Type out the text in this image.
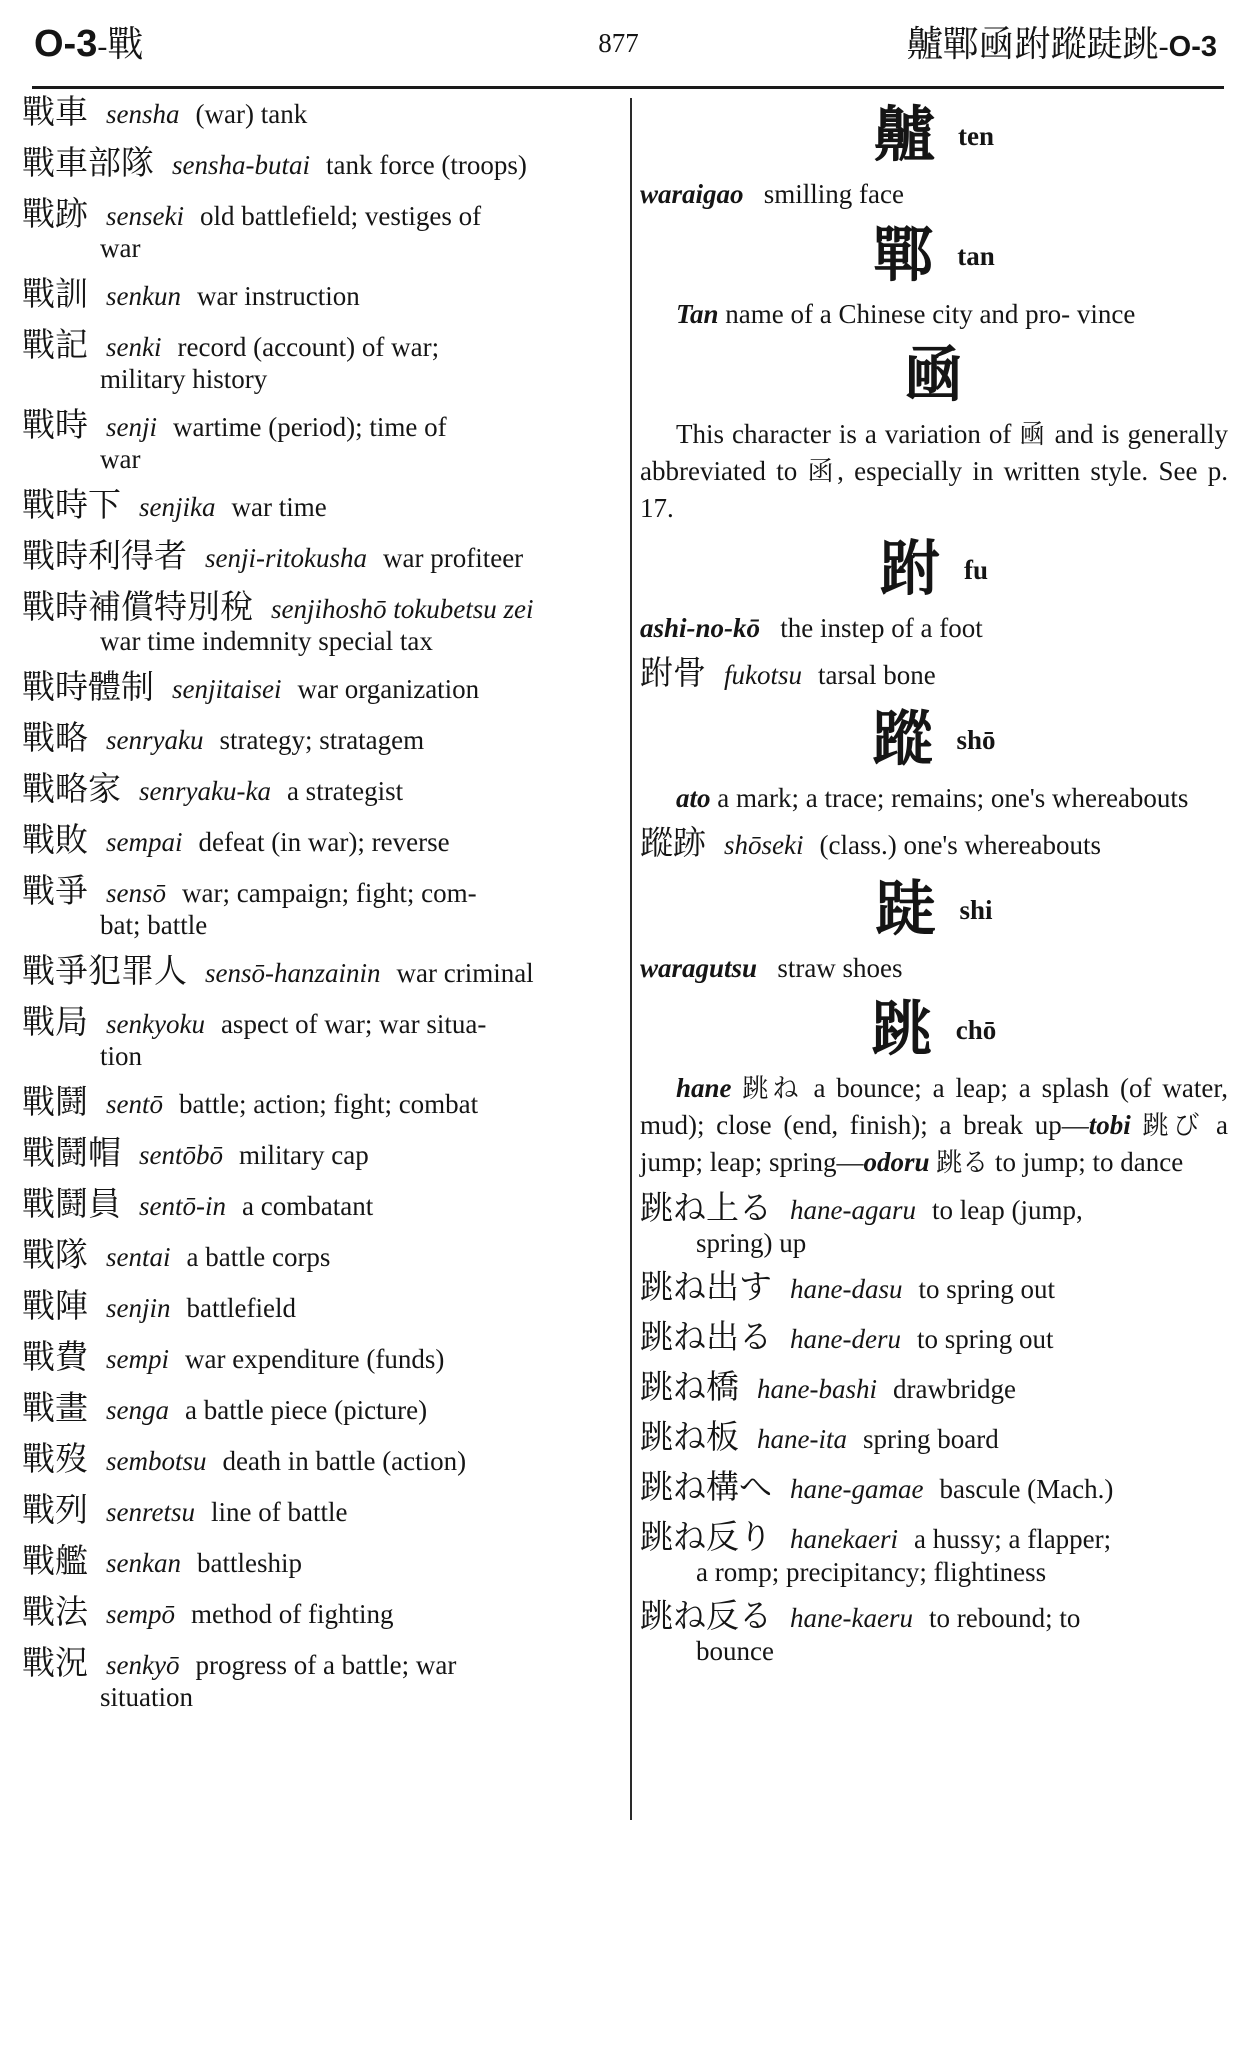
O-3-戰	877	齇鄲凾跗蹤跿跳-O-3
戰車 sensha (war) tank
戰車部隊 sensha-butai tank force (troops)
戰跡 senseki old battlefield; vestiges of
war
戰訓 senkun war instruction
戰記 senki record (account) of war;
military history
戰時 senji wartime (period); time of
war
戰時下 senjika war time
戰時利得者 senji-ritokusha war profiteer
戰時補償特別稅 senjihoshō tokubetsu zei
war time indemnity special tax
戰時體制 senjitaisei war organization
戰略 senryaku strategy; stratagem
戰略家 senryaku-ka a strategist
戰敗 sempai defeat (in war); reverse
戰爭 sensō war; campaign; fight; com-
bat; battle
戰爭犯罪人 sensō-hanzainin war criminal
戰局 senkyoku aspect of war; war situa-
tion
戰鬪 sentō battle; action; fight; combat
戰鬪帽 sentōbō military cap
戰鬪員 sentō-in a combatant
戰隊 sentai a battle corps
戰陣 senjin battlefield
戰費 sempi war expenditure (funds)
戰畫 senga a battle piece (picture)
戰歿 sembotsu death in battle (action)
戰列 senretsu line of battle
戰艦 senkan battleship
戰法 sempō method of fighting
戰況 senkyō progress of a battle; war
situation
齇ten
waraigao smilling face
鄲tan
Tan name of a Chinese city and pro- vince
凾
This character is a variation of 凾 and is generally abbreviated to 函, especially in written style. See p. 17.
跗fu
ashi-no-kō the instep of a foot
跗骨 fukotsu tarsal bone
蹤shō
ato a mark; a trace; remains; one's whereabouts
蹤跡 shōseki (class.) one's whereabouts
跿shi
waragutsu straw shoes
跳chō
hane 跳ね a bounce; a leap; a splash (of water, mud); close (end, finish); a break up—tobi 跳び a jump; leap; spring—odoru 跳る to jump; to dance
跳ね上る hane-agaru to leap (jump,
spring) up
跳ね出す hane-dasu to spring out
跳ね出る hane-deru to spring out
跳ね橋 hane-bashi drawbridge
跳ね板 hane-ita spring board
跳ね構へ hane-gamae bascule (Mach.)
跳ね反り hanekaeri a hussy; a flapper;
a romp; precipitancy; flightiness
跳ね反る hane-kaeru to rebound; to
bounce
